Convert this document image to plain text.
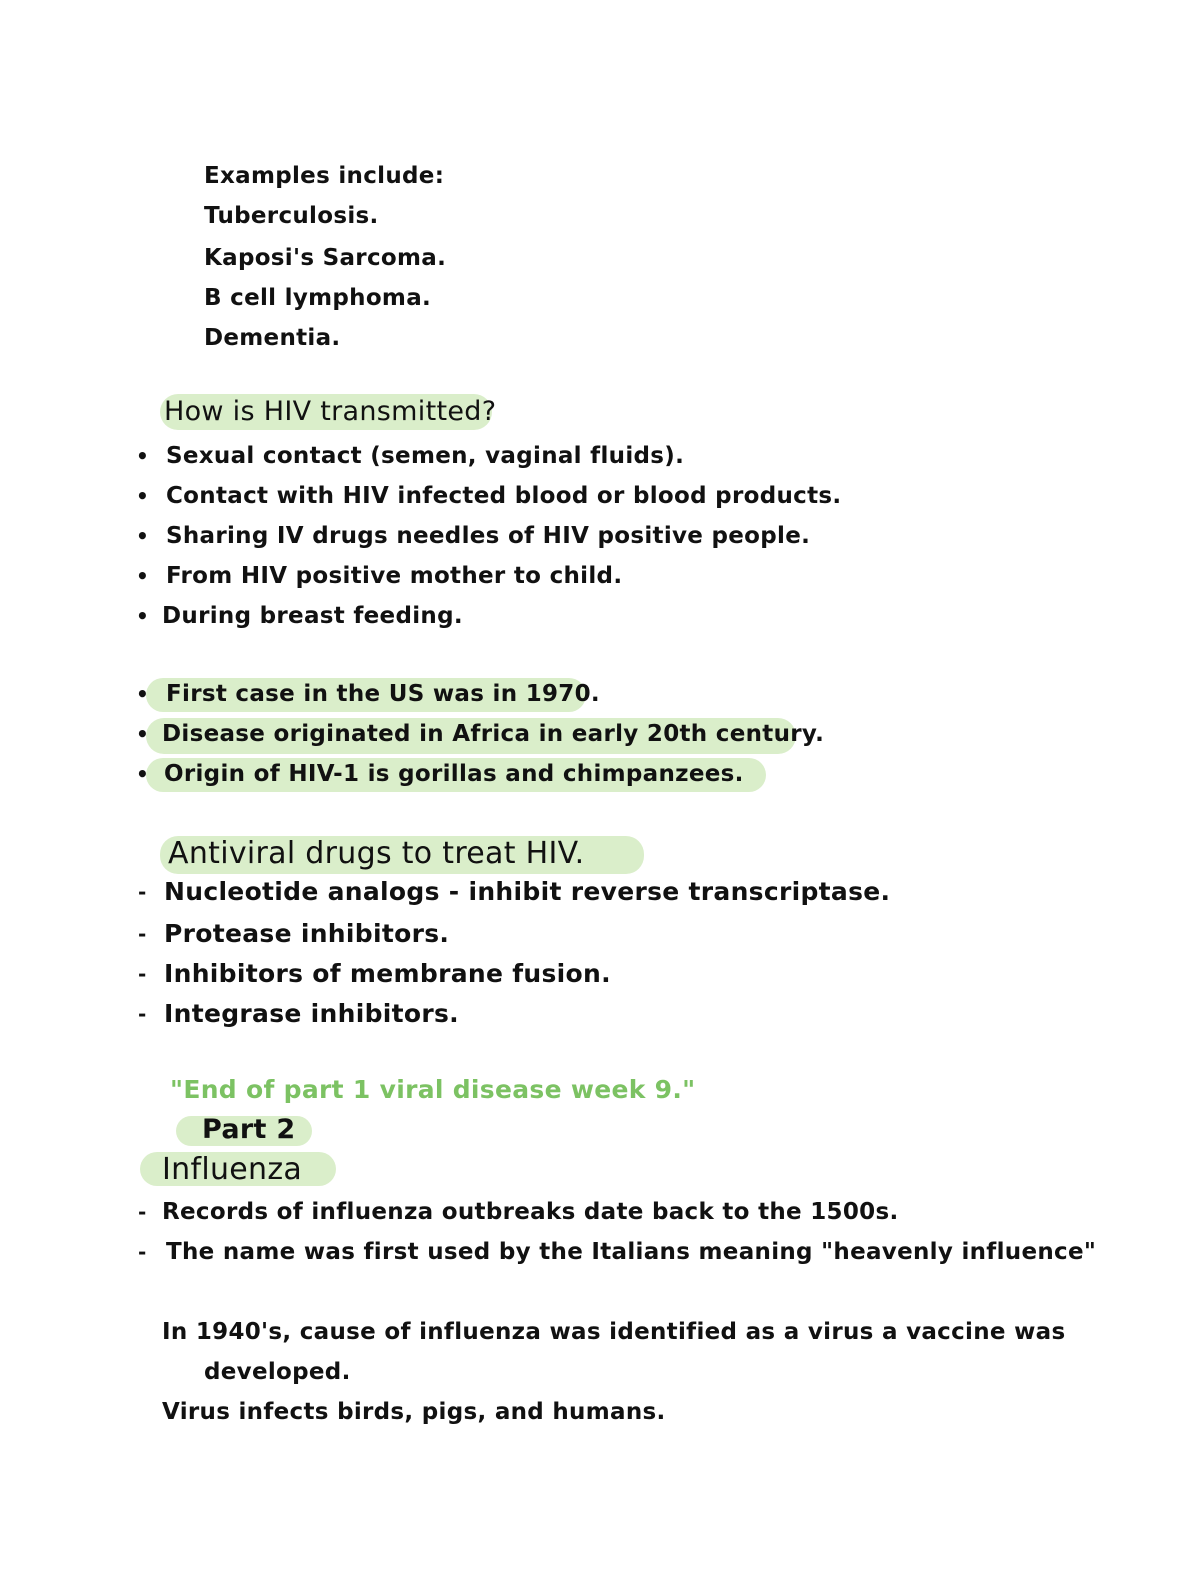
Examples include:
Tuberculosis.
Kaposi's Sarcoma.
B cell lymphoma.
Dementia.
How is HIV transmitted?
• Sexual contact (semen, vaginal fluids).
• Contact with HIV infected blood or blood products.
• Sharing IV drugs needles of HIV positive people.
• From HIV positive mother to child.
• During breast feeding.
• First case in the US was in 1970.
• Disease originated in Africa in early 20th century.
• Origin of HIV-1 is gorillas and chimpanzees.
Antiviral drugs to treat HIV.
- Nucleotide analogs - inhibit reverse transcriptase.
- Protease inhibitors.
- Inhibitors of membrane fusion.
- Integrase inhibitors.
"End of part 1 viral disease week 9."
Part 2
Influenza
- Records of influenza outbreaks date back to the 1500s.
- The name was first used by the Italians meaning "heavenly influence"
In 1940's, cause of influenza was identified as a virus a vaccine was
developed.
Virus infects birds, pigs, and humans.
